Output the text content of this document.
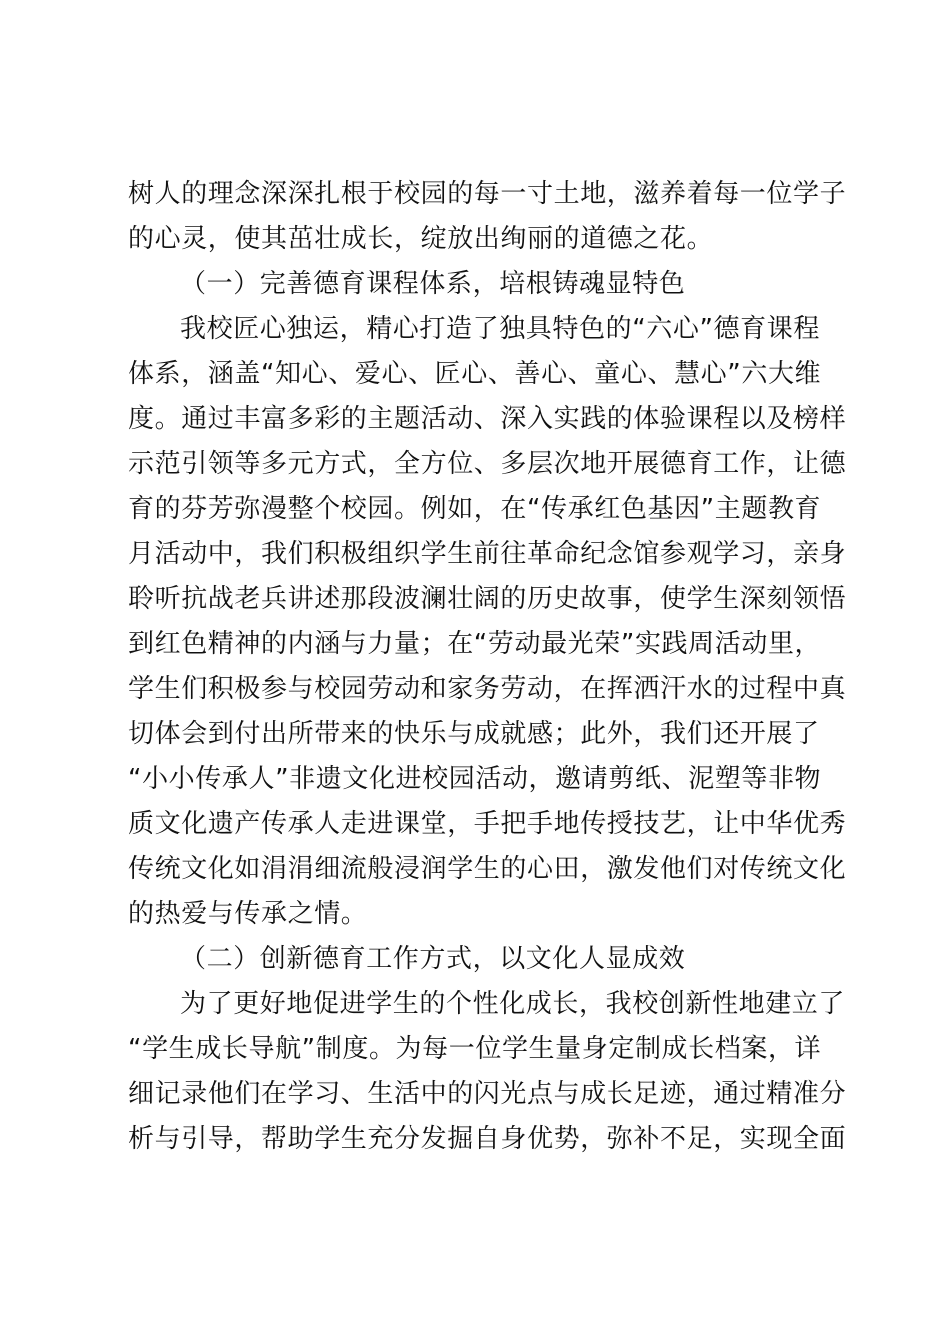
树人的理念深深扎根于校园的每一寸土地，滋养着每一位学子
的心灵，使其茁壮成长，绽放出绚丽的道德之花。
（一）完善德育课程体系，培根铸魂显特色
我校匠心独运，精心打造了独具特色的“六心”德育课程
体系，涵盖“知心、爱心、匠心、善心、童心、慧心”六大维
度。通过丰富多彩的主题活动、深入实践的体验课程以及榜样
示范引领等多元方式，全方位、多层次地开展德育工作，让德
育的芬芳弥漫整个校园。例如，在“传承红色基因”主题教育
月活动中，我们积极组织学生前往革命纪念馆参观学习，亲身
聆听抗战老兵讲述那段波澜壮阔的历史故事，使学生深刻领悟
到红色精神的内涵与力量；在“劳动最光荣”实践周活动里，
学生们积极参与校园劳动和家务劳动，在挥洒汗水的过程中真
切体会到付出所带来的快乐与成就感；此外，我们还开展了
“小小传承人”非遗文化进校园活动，邀请剪纸、泥塑等非物
质文化遗产传承人走进课堂，手把手地传授技艺，让中华优秀
传统文化如涓涓细流般浸润学生的心田，激发他们对传统文化
的热爱与传承之情。
（二）创新德育工作方式，以文化人显成效
为了更好地促进学生的个性化成长，我校创新性地建立了
“学生成长导航”制度。为每一位学生量身定制成长档案，详
细记录他们在学习、生活中的闪光点与成长足迹，通过精准分
析与引导，帮助学生充分发掘自身优势，弥补不足，实现全面
